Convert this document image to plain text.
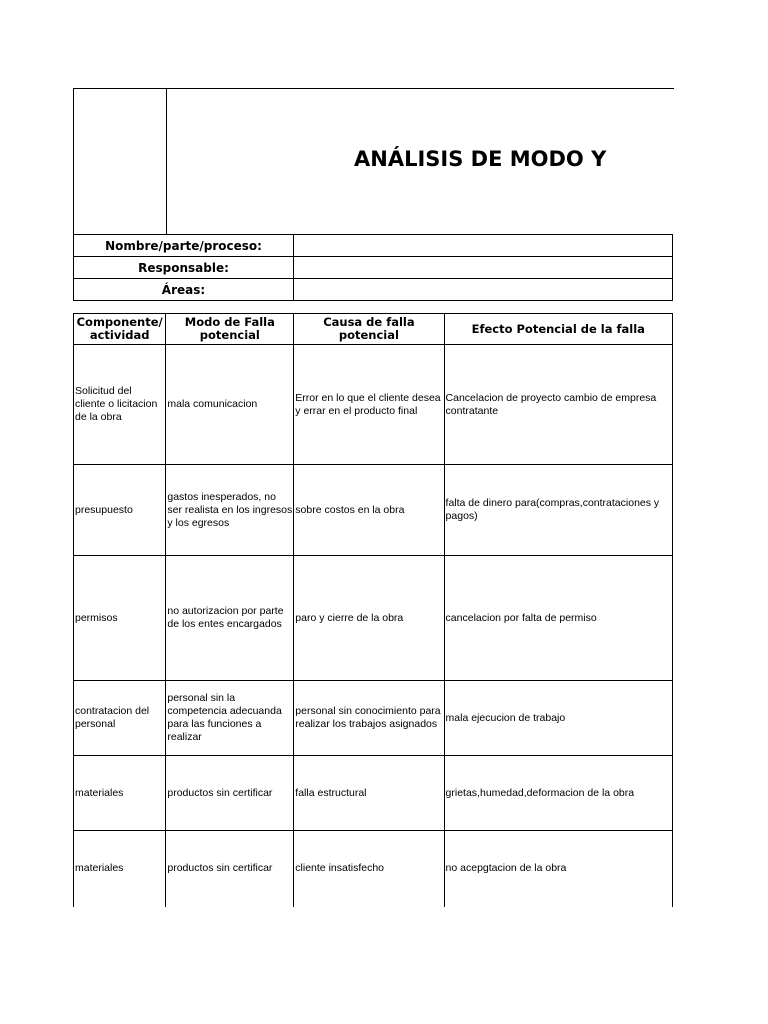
ANÁLISIS DE MODO Y
Nombre/parte/proceso:	
Responsable:	
Áreas:	
Componente/ actividad	Modo de Falla potencial	Causa de falla potencial	Efecto Potencial de la falla
Solicitud del cliente o licitacion de la obra	mala comunicacion	Error en lo que el cliente desea y errar en el producto final	Cancelacion de proyecto cambio de empresa contratante
presupuesto	gastos inesperados, no ser realista en los ingresos y los egresos	sobre costos en la obra	falta de dinero para(compras,contrataciones y pagos)
permisos	no autorizacion por parte de los entes encargados	paro y cierre de la obra	cancelacion por falta de permiso
contratacion del personal	personal sin la competencia adecuanda para las funciones a realizar	personal sin conocimiento para realizar los trabajos asignados	mala ejecucion de trabajo
materiales	productos sin certificar	falla estructural	grietas,humedad,deformacion de la obra
materiales	productos sin certificar	cliente insatisfecho	no acepgtacion de la obra
